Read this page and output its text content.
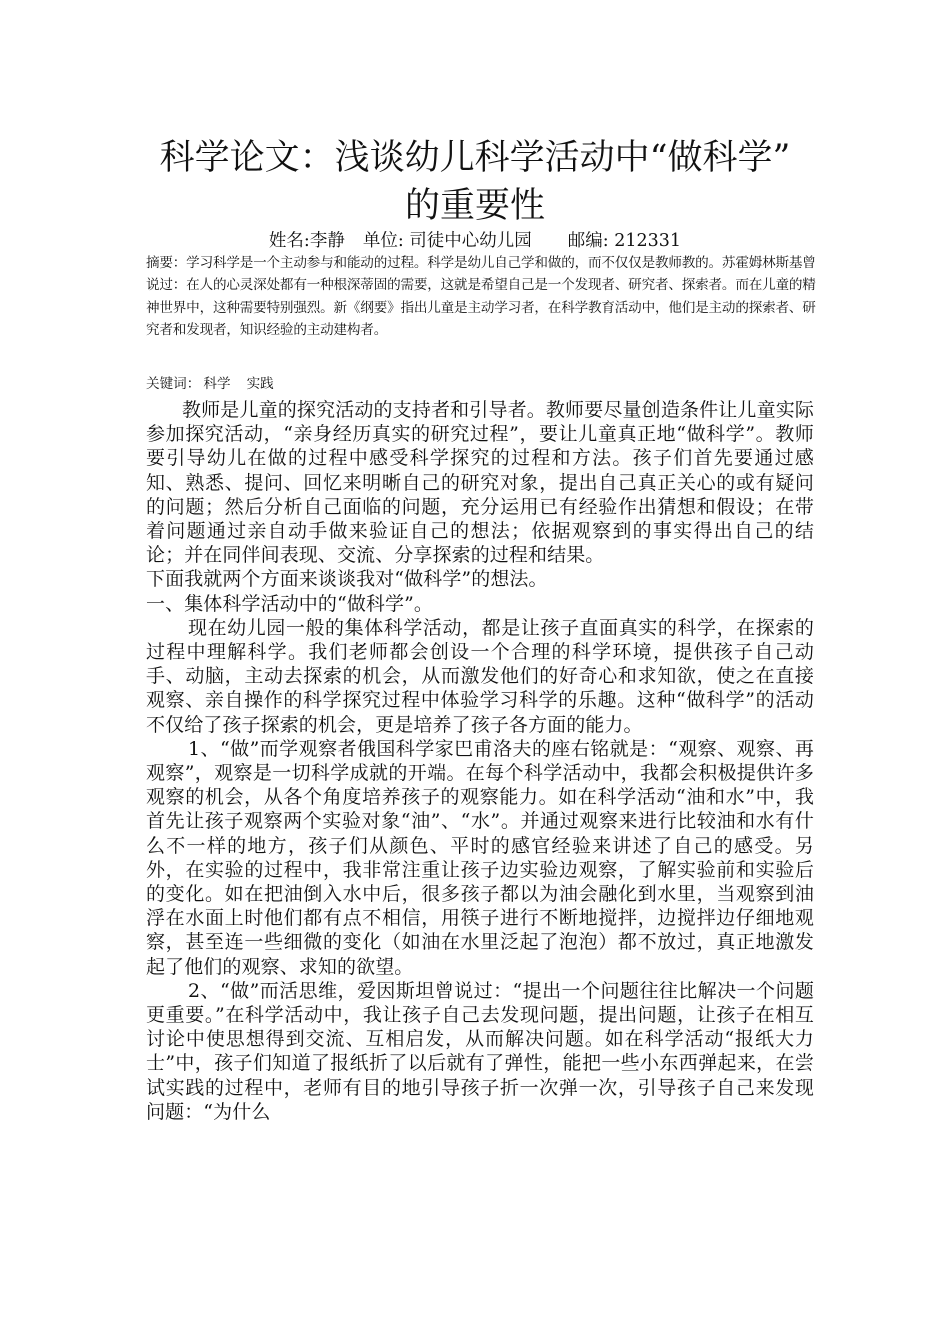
科学论文：浅谈幼儿科学活动中“做科学”
的重要性
姓名:李静 单位: 司徒中心幼儿园 邮编: 212331
摘要：学习科学是一个主动参与和能动的过程。科学是幼儿自己学和做的，而不仅仅是教师教的。苏霍姆林斯基曾说过：在人的心灵深处都有一种根深蒂固的需要，这就是希望自己是一个发现者、研究者、探索者。而在儿童的精神世界中，这种需要特别强烈。新《纲要》指出儿童是主动学习者，在科学教育活动中，他们是主动的探索者、研究者和发现者，知识经验的主动建构者。
关键词： 科学 实践

教师是儿童的探究活动的支持者和引导者。教师要尽量创造条件让儿童实际参加探究活动，“亲身经历真实的研究过程”，要让儿童真正地“做科学”。教师要引导幼儿在做的过程中感受科学探究的过程和方法。孩子们首先要通过感知、熟悉、提问、回忆来明晰自己的研究对象，提出自己真正关心的或有疑问的问题；然后分析自己面临的问题，充分运用已有经验作出猜想和假设；在带着问题通过亲自动手做来验证自己的想法；依据观察到的事实得出自己的结论；并在同伴间表现、交流、分享探索的过程和结果。

下面我就两个方面来谈谈我对“做科学”的想法。

一、集体科学活动中的“做科学”。

现在幼儿园一般的集体科学活动，都是让孩子直面真实的科学，在探索的过程中理解科学。我们老师都会创设一个合理的科学环境，提供孩子自己动手、动脑，主动去探索的机会，从而激发他们的好奇心和求知欲，使之在直接观察、亲自操作的科学探究过程中体验学习科学的乐趣。这种“做科学”的活动不仅给了孩子探索的机会，更是培养了孩子各方面的能力。

1、“做”而学观察者俄国科学家巴甫洛夫的座右铭就是：“观察、观察、再观察”，观察是一切科学成就的开端。在每个科学活动中，我都会积极提供许多观察的机会，从各个角度培养孩子的观察能力。如在科学活动“油和水”中，我首先让孩子观察两个实验对象“油”、“水”。并通过观察来进行比较油和水有什么不一样的地方，孩子们从颜色、平时的感官经验来讲述了自己的感受。另外，在实验的过程中，我非常注重让孩子边实验边观察，了解实验前和实验后的变化。如在把油倒入水中后，很多孩子都以为油会融化到水里，当观察到油浮在水面上时他们都有点不相信，用筷子进行不断地搅拌，边搅拌边仔细地观察，甚至连一些细微的变化（如油在水里泛起了泡泡）都不放过，真正地激发起了他们的观察、求知的欲望。

2、“做”而活思维，爱因斯坦曾说过：“提出一个问题往往比解决一个问题更重要。”在科学活动中，我让孩子自己去发现问题，提出问题，让孩子在相互讨论中使思想得到交流、互相启发，从而解决问题。如在科学活动“报纸大力士”中，孩子们知道了报纸折了以后就有了弹性，能把一些小东西弹起来，在尝试实践的过程中，老师有目的地引导孩子折一次弹一次，引导孩子自己来发现问题：“为什么
